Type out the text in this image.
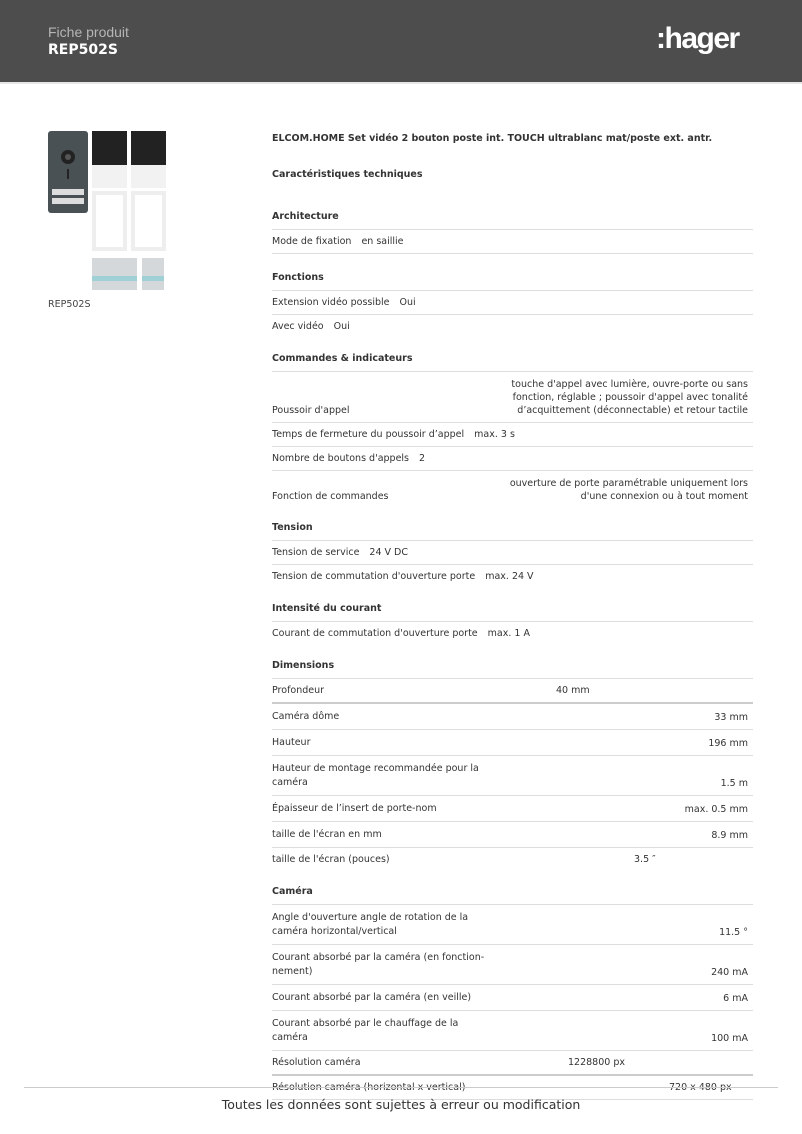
Fiche produit
REP502S	:hager
REP502S
ELCOM.HOME Set vidéo 2 bouton poste int. TOUCH ultrablanc mat/poste ext. antr.
Caractéristiques techniques
Architecture
Mode de fixation en saillie
Fonctions
Extension vidéo possible Oui
Avec vidéo Oui
Commandes & indicateurs
Poussoir d'appel
touche d'appel avec lumière, ouvre-porte ou sans fonction, réglable ; poussoir d'appel avec tonalité d’acquittement (déconnectable) et retour tactile
Temps de fermeture du poussoir d’appel max. 3 s
Nombre de boutons d'appels 2
Fonction de commandes
ouverture de porte paramétrable uniquement lors d'une connexion ou à tout moment
Tension
Tension de service 24 V DC
Tension de commutation d'ouverture porte max. 24 V
Intensité du courant
Courant de commutation d'ouverture porte max. 1 A
Dimensions
Profondeur	40 mm
Caméra dôme	33 mm
Hauteur	196 mm
Hauteur de montage recommandée pour la caméra	1.5 m
Épaisseur de l’insert de porte-nom	max. 0.5 mm
taille de l'écran en mm	8.9 mm
taille de l'écran (pouces)	3.5 ″
Caméra
Angle d'ouverture angle de rotation de la caméra horizontal/vertical	11.5 °
Courant absorbé par la caméra (en fonction-nement)	240 mA
Courant absorbé par la caméra (en veille)	6 mA
Courant absorbé par le chauffage de la caméra	100 mA
Résolution caméra	1228800 px
Résolution caméra (horizontal x vertical)	720 x 480 px
Toutes les données sont sujettes à erreur ou modification
